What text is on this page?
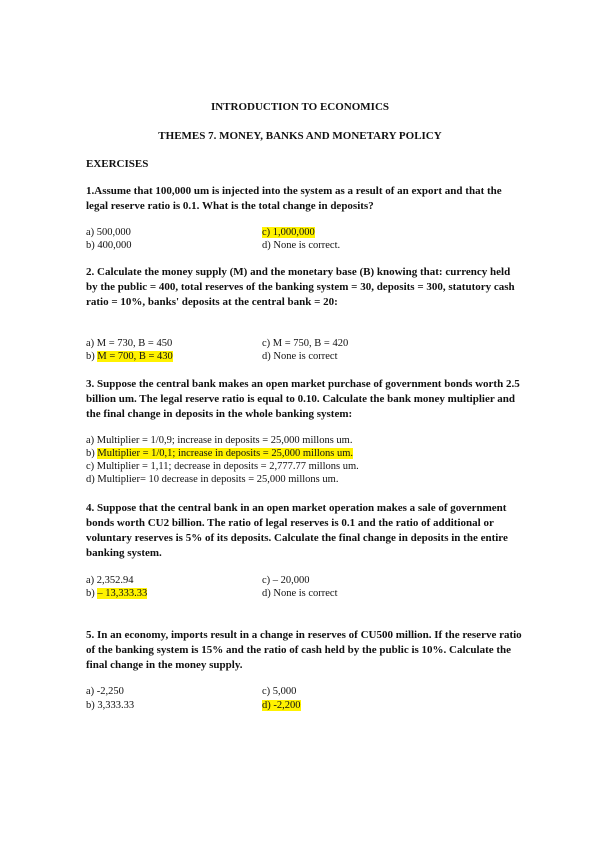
INTRODUCTION TO ECONOMICS
THEMES 7. MONEY, BANKS AND MONETARY POLICY
EXERCISES
1.Assume that 100,000 um is injected into the system as a result of an export and that the legal reserve ratio is 0.1. What is the total change in deposits?
a) 500,000	c) 1,000,000
b) 400,000	d) None is correct.
2. Calculate the money supply (M) and the monetary base (B) knowing that: currency held by the public = 400, total reserves of the banking system = 30, deposits = 300, statutory cash ratio = 10%, banks' deposits at the central bank = 20:
a) M = 730, B = 450	c) M = 750, B = 420
b) M = 700, B = 430	d) None is correct
3. Suppose the central bank makes an open market purchase of government bonds worth 2.5 billion um. The legal reserve ratio is equal to 0.10. Calculate the bank money multiplier and the final change in deposits in the whole banking system:
a) Multiplier = 1/0,9; increase in deposits = 25,000 millons um.
b) Multiplier = 1/0,1; increase in deposits = 25,000 millons um.
c) Multiplier = 1,11; decrease in deposits = 2,777.77 millons um.
d) Multiplier= 10 decrease in deposits = 25,000 millons um.
4. Suppose that the central bank in an open market operation makes a sale of government bonds worth CU2 billion. The ratio of legal reserves is 0.1 and the ratio of additional or voluntary reserves is 5% of its deposits. Calculate the final change in deposits in the entire banking system.
a) 2,352.94	c) – 20,000
b) – 13,333.33	d) None is correct
5. In an economy, imports result in a change in reserves of CU500 million. If the reserve ratio of the banking system is 15% and the ratio of cash held by the public is 10%. Calculate the final change in the money supply.
a) -2,250	c) 5,000
b) 3,333.33	d) -2,200
